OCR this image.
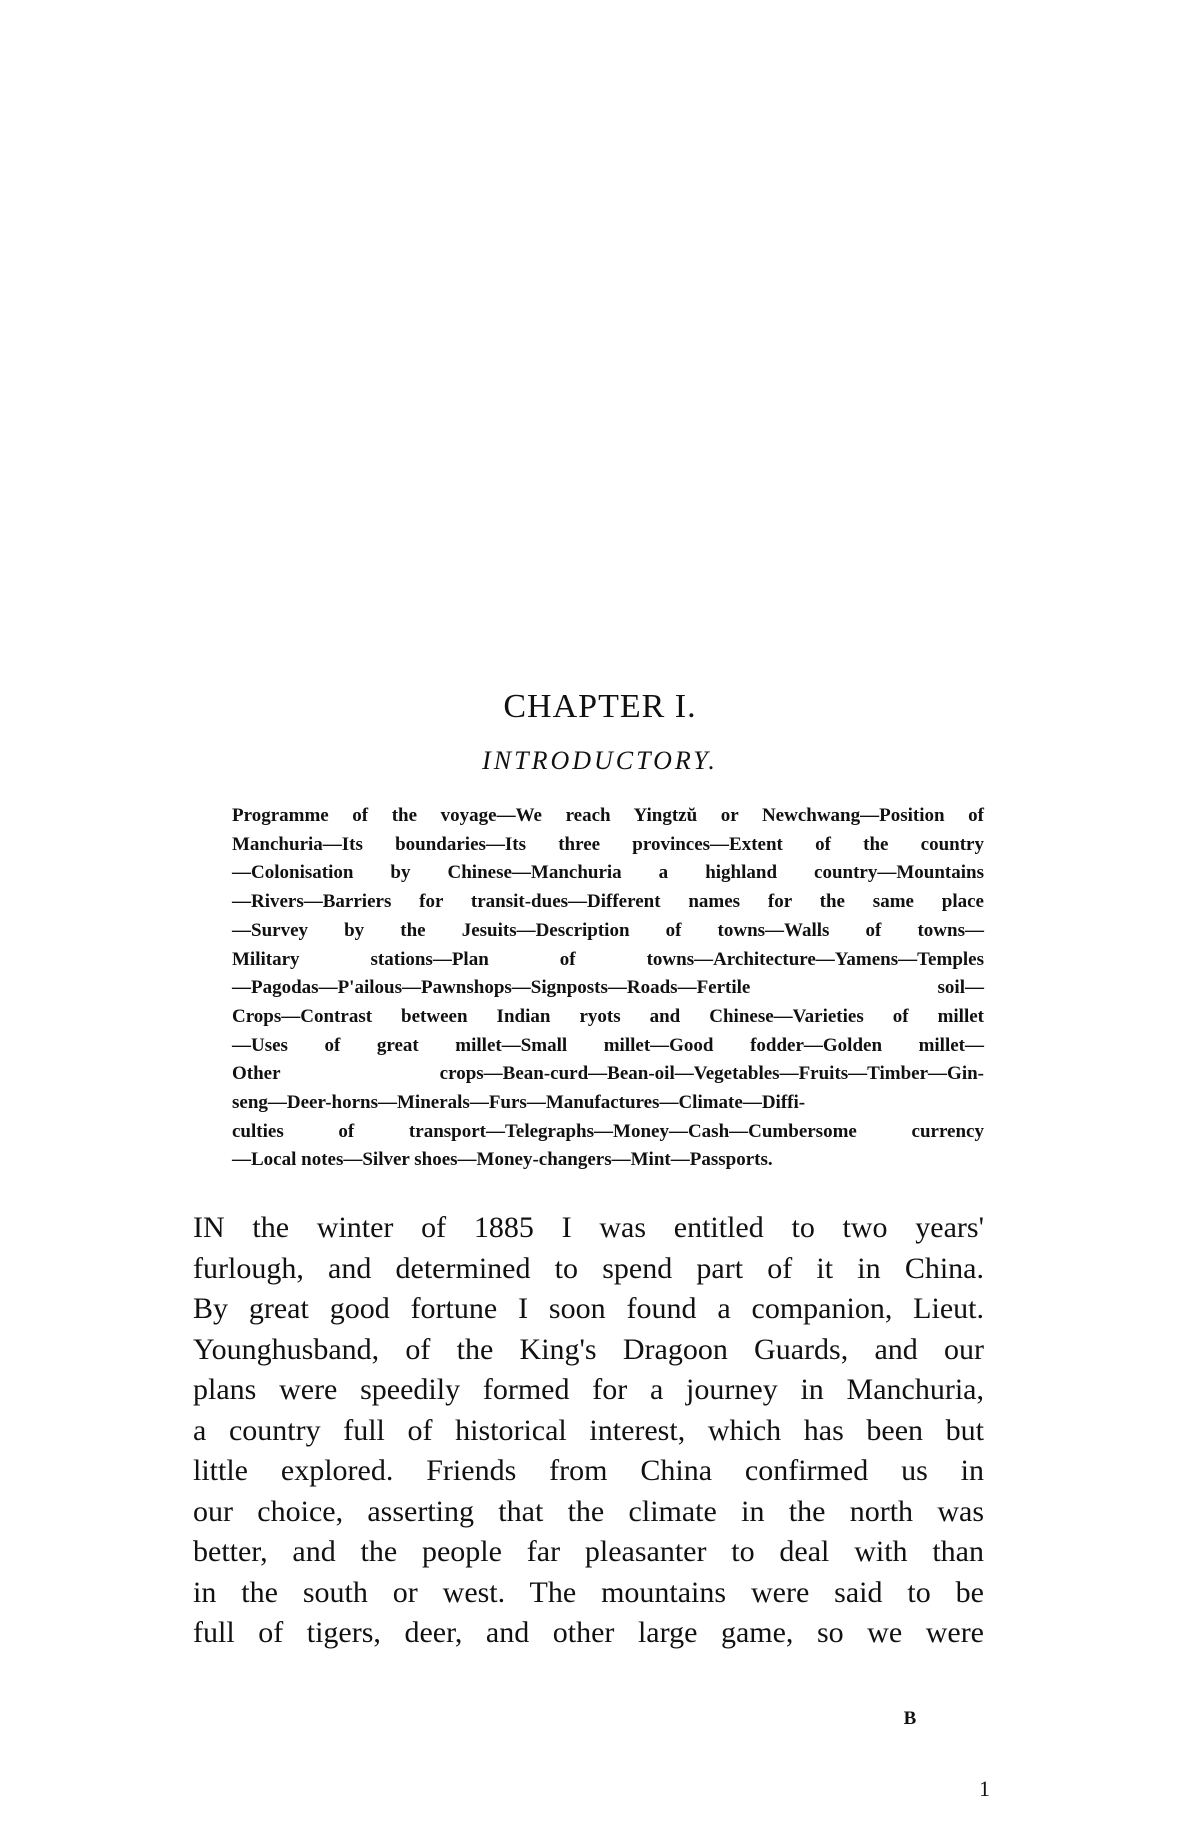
CHAPTER I.
INTRODUCTORY.

Programme of the voyage—We reach Yingtzŭ or Newchwang—Position of
Manchuria—Its boundaries—Its three provinces—Extent of the country
—Colonisation by Chinese—Manchuria a highland country—Mountains
—Rivers—Barriers for transit-dues—Different names for the same place
—Survey by the Jesuits—Description of towns—Walls of towns—
Military stations—Plan of towns—Architecture—Yamens—Temples
—Pagodas—P'ailous—Pawnshops—Signposts—Roads—Fertile soil—
Crops—Contrast between Indian ryots and Chinese—Varieties of millet
—Uses of great millet—Small millet—Good fodder—Golden millet—
Other crops—Bean-curd—Bean-oil—Vegetables—Fruits—Timber—Gin-
seng—Deer-horns—Minerals—Furs—Manufactures—Climate—Diffi-
culties of transport—Telegraphs—Money—Cash—Cumbersome currency
—Local notes—Silver shoes—Money-changers—Mint—Passports.

IN the winter of 1885 I was entitled to two years'
furlough, and determined to spend part of it in China.
By great good fortune I soon found a companion, Lieut.
Younghusband, of the King's Dragoon Guards, and our
plans were speedily formed for a journey in Manchuria,
a country full of historical interest, which has been but
little explored. Friends from China confirmed us in
our choice, asserting that the climate in the north was
better, and the people far pleasanter to deal with than
in the south or west. The mountains were said to be
full of tigers, deer, and other large game, so we were

B
1
